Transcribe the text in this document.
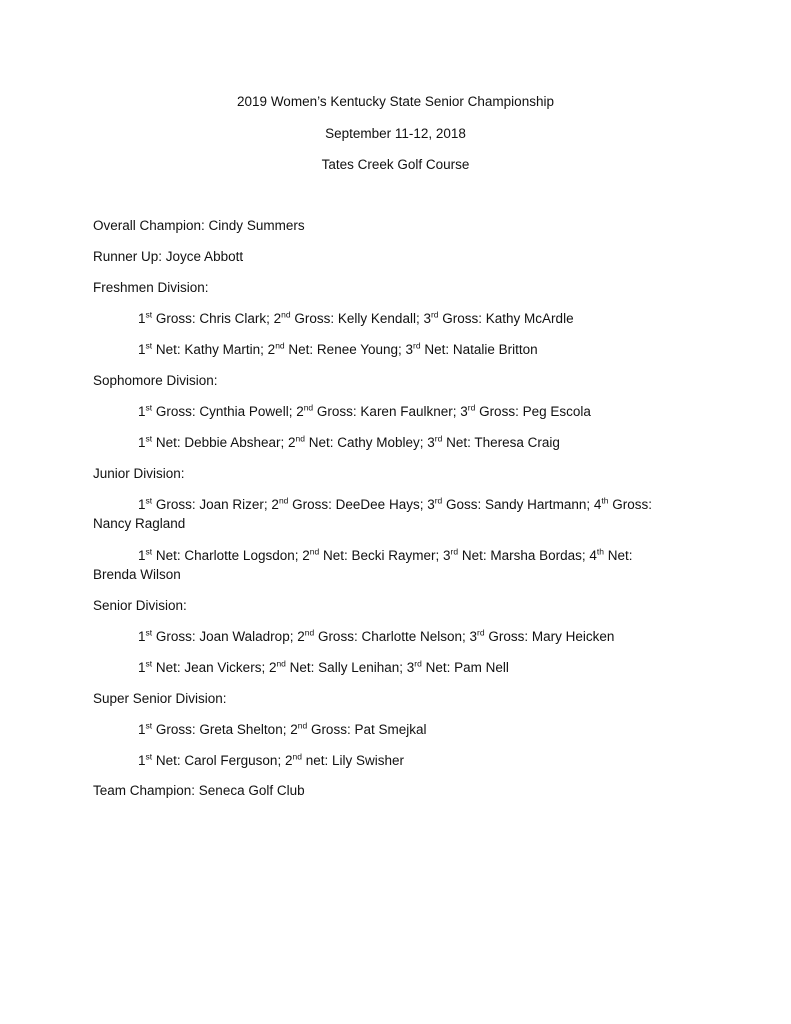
2019 Women’s Kentucky State Senior Championship
September 11-12, 2018
Tates Creek Golf Course
Overall Champion: Cindy Summers
Runner Up: Joyce Abbott
Freshmen Division:
1st Gross: Chris Clark; 2nd Gross: Kelly Kendall; 3rd Gross: Kathy McArdle
1st Net: Kathy Martin; 2nd Net: Renee Young; 3rd Net: Natalie Britton
Sophomore Division:
1st Gross: Cynthia Powell; 2nd Gross: Karen Faulkner; 3rd Gross: Peg Escola
1st Net: Debbie Abshear; 2nd Net: Cathy Mobley; 3rd Net: Theresa Craig
Junior Division:
1st Gross: Joan Rizer; 2nd Gross: DeeDee Hays; 3rd Goss: Sandy Hartmann; 4th Gross:
Nancy Ragland
1st Net: Charlotte Logsdon; 2nd Net: Becki Raymer; 3rd Net: Marsha Bordas; 4th Net:
Brenda Wilson
Senior Division:
1st Gross: Joan Waladrop; 2nd Gross: Charlotte Nelson; 3rd Gross: Mary Heicken
1st Net: Jean Vickers; 2nd Net: Sally Lenihan; 3rd Net: Pam Nell
Super Senior Division:
1st Gross: Greta Shelton; 2nd Gross: Pat Smejkal
1st Net: Carol Ferguson; 2nd net: Lily Swisher
Team Champion: Seneca Golf Club
